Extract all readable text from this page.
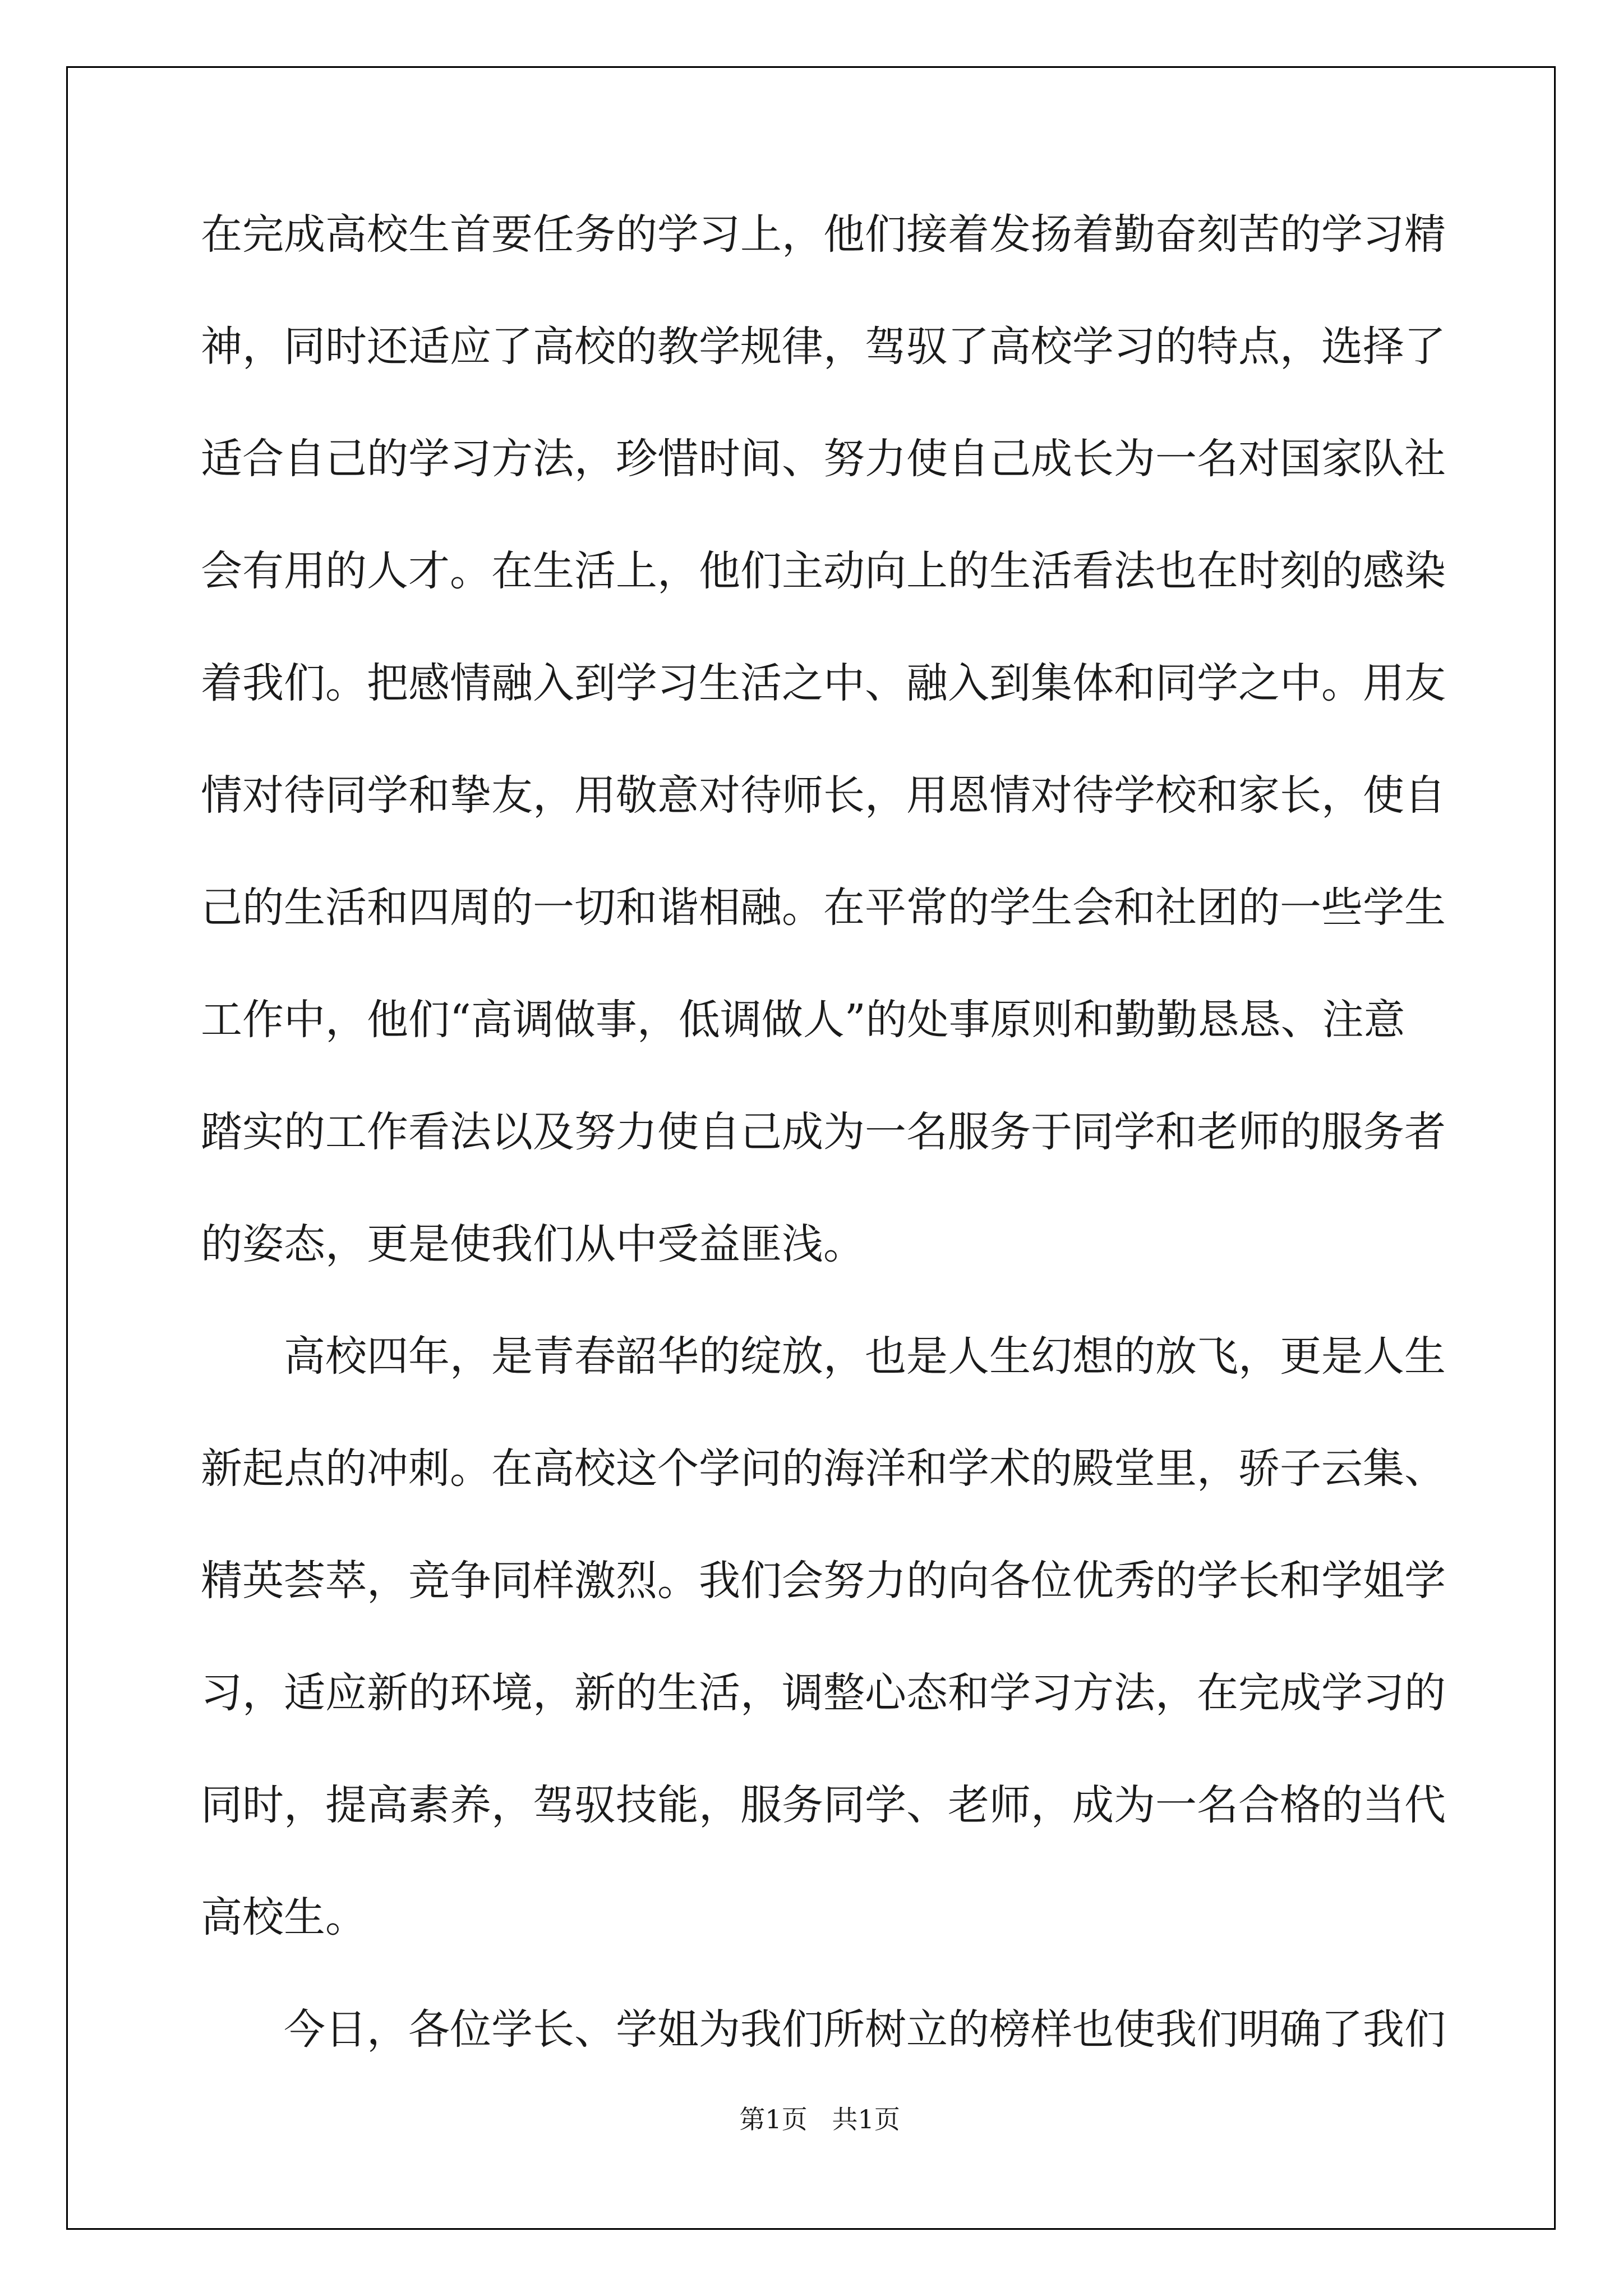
在完成高校生首要任务的学习上，他们接着发扬着勤奋刻苦的学习精
神，同时还适应了高校的教学规律，驾驭了高校学习的特点，选择了
适合自己的学习方法，珍惜时间、努力使自己成长为一名对国家队社
会有用的人才。在生活上，他们主动向上的生活看法也在时刻的感染
着我们。把感情融入到学习生活之中、融入到集体和同学之中。用友
情对待同学和挚友，用敬意对待师长，用恩情对待学校和家长，使自
己的生活和四周的一切和谐相融。在平常的学生会和社团的一些学生
工作中，他们“高调做事，低调做人”的处事原则和勤勤恳恳、注意
踏实的工作看法以及努力使自己成为一名服务于同学和老师的服务者
的姿态，更是使我们从中受益匪浅。
高校四年，是青春韶华的绽放，也是人生幻想的放飞，更是人生
新起点的冲刺。在高校这个学问的海洋和学术的殿堂里，骄子云集、
精英荟萃，竞争同样激烈。我们会努力的向各位优秀的学长和学姐学
习，适应新的环境，新的生活，调整心态和学习方法，在完成学习的
同时，提高素养，驾驭技能，服务同学、老师，成为一名合格的当代
高校生。
今日，各位学长、学姐为我们所树立的榜样也使我们明确了我们

第1页   共1页
